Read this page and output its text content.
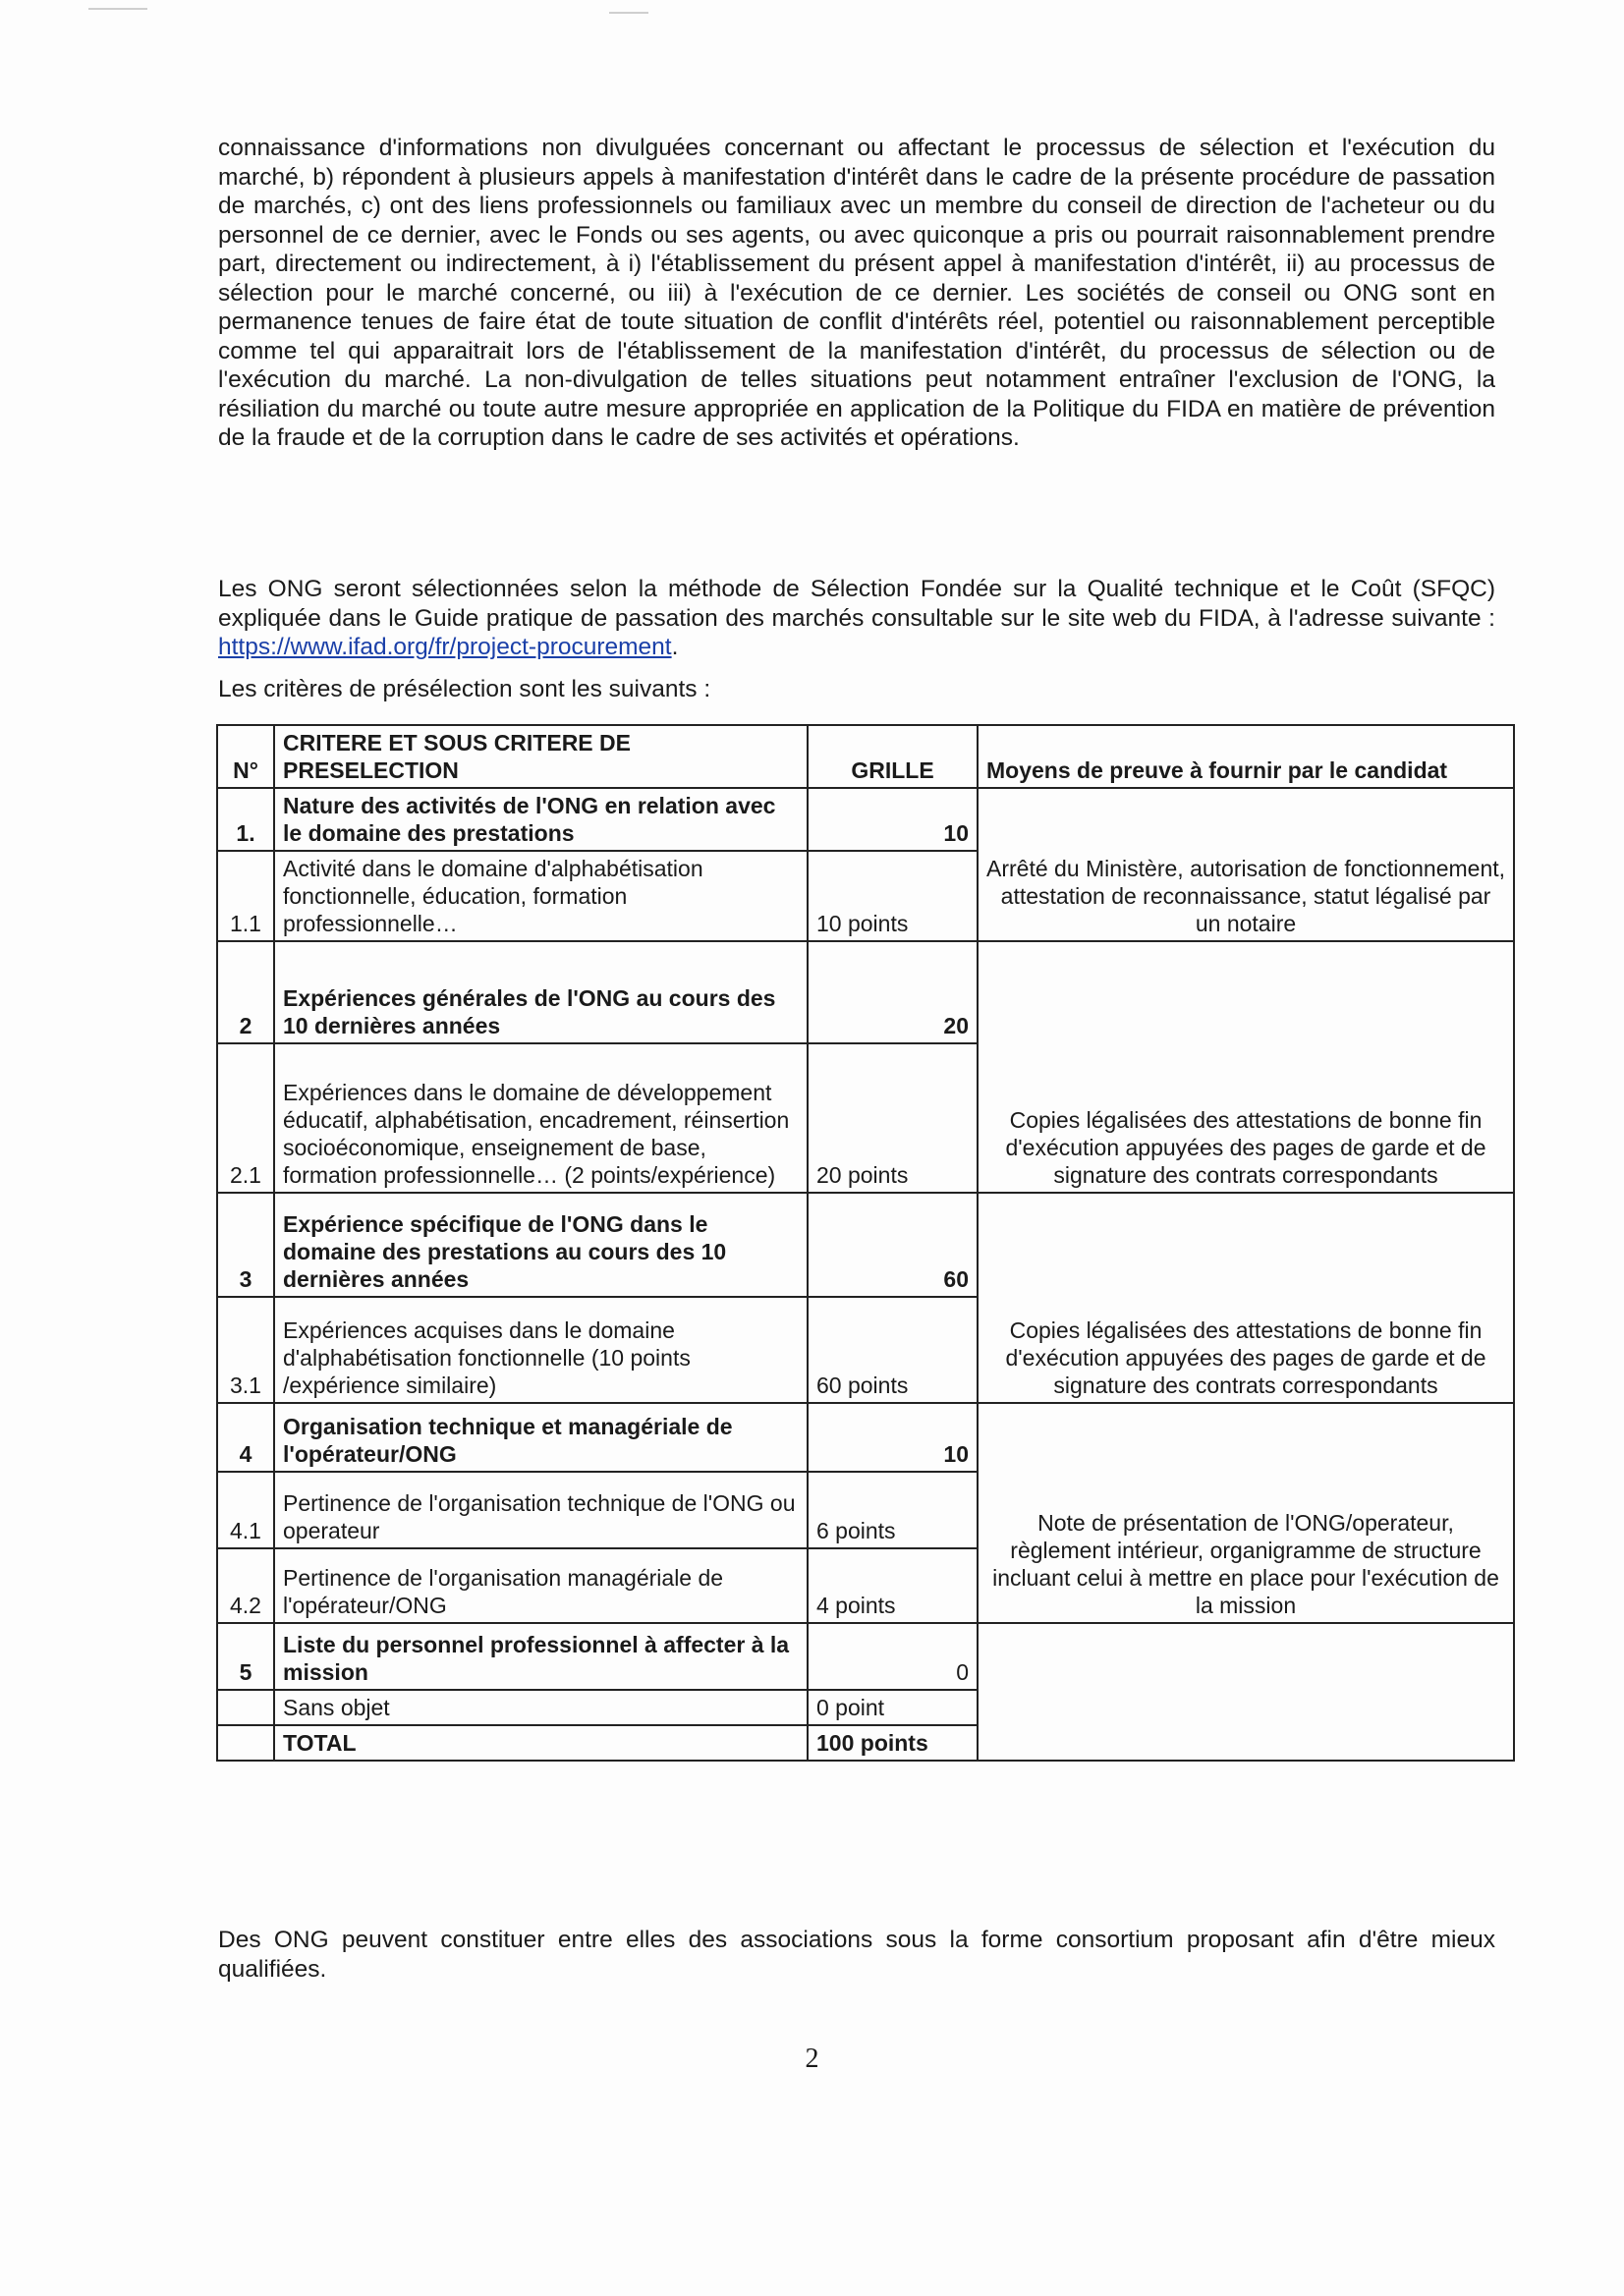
connaissance d'informations non divulguées concernant ou affectant le processus de sélection et l'exécution du marché, b) répondent à plusieurs appels à manifestation d'intérêt dans le cadre de la présente procédure de passation de marchés, c) ont des liens professionnels ou familiaux avec un membre du conseil de direction de l'acheteur ou du personnel de ce dernier, avec le Fonds ou ses agents, ou avec quiconque a pris ou pourrait raisonnablement prendre part, directement ou indirectement, à i) l'établissement du présent appel à manifestation d'intérêt, ii) au processus de sélection pour le marché concerné, ou iii) à l'exécution de ce dernier. Les sociétés de conseil ou ONG sont en permanence tenues de faire état de toute situation de conflit d'intérêts réel, potentiel ou raisonnablement perceptible comme tel qui apparaitrait lors de l'établissement de la manifestation d'intérêt, du processus de sélection ou de l'exécution du marché. La non-divulgation de telles situations peut notamment entraîner l'exclusion de l'ONG, la résiliation du marché ou toute autre mesure appropriée en application de la Politique du FIDA en matière de prévention de la fraude et de la corruption dans le cadre de ses activités et opérations.

Les ONG seront sélectionnées selon la méthode de Sélection Fondée sur la Qualité technique et le Coût (SFQC) expliquée dans le Guide pratique de passation des marchés consultable sur le site web du FIDA, à l'adresse suivante : https://www.ifad.org/fr/project-procurement.

Les critères de présélection sont les suivants :
N°	CRITERE ET SOUS CRITERE DE PRESELECTION	GRILLE	Moyens de preuve à fournir par le candidat
1.	Nature des activités de l'ONG en relation avec le domaine des prestations	10	Arrêté du Ministère, autorisation de fonctionnement, attestation de reconnaissance, statut légalisé par un notaire
1.1	Activité dans le domaine d'alphabétisation fonctionnelle, éducation, formation professionnelle…	10 points	
2	Expériences générales de l'ONG au cours des 10 dernières années	20	Copies légalisées des attestations de bonne fin d'exécution appuyées des pages de garde et de signature des contrats correspondants
2.1	Expériences dans le domaine de développement éducatif, alphabétisation, encadrement, réinsertion socioéconomique, enseignement de base, formation professionnelle… (2 points/expérience)	20 points	
3	Expérience spécifique de l'ONG dans le domaine des prestations au cours des 10 dernières années	60	Copies légalisées des attestations de bonne fin d'exécution appuyées des pages de garde et de signature des contrats correspondants
3.1	Expériences acquises dans le domaine d'alphabétisation fonctionnelle (10 points /expérience similaire)	60 points	
4	Organisation technique et managériale de l'opérateur/ONG	10	Note de présentation de l'ONG/operateur, règlement intérieur, organigramme de structure incluant celui à mettre en place pour l'exécution de la mission
4.1	Pertinence de l'organisation technique de l'ONG ou operateur	6 points	
4.2	Pertinence de l'organisation managériale de l'opérateur/ONG	4 points	
5	Liste du personnel professionnel à affecter à la mission	0	
	Sans objet	0 point	
	TOTAL	100 points	

Des ONG peuvent constituer entre elles des associations sous la forme consortium proposant afin d'être mieux qualifiées.

2
